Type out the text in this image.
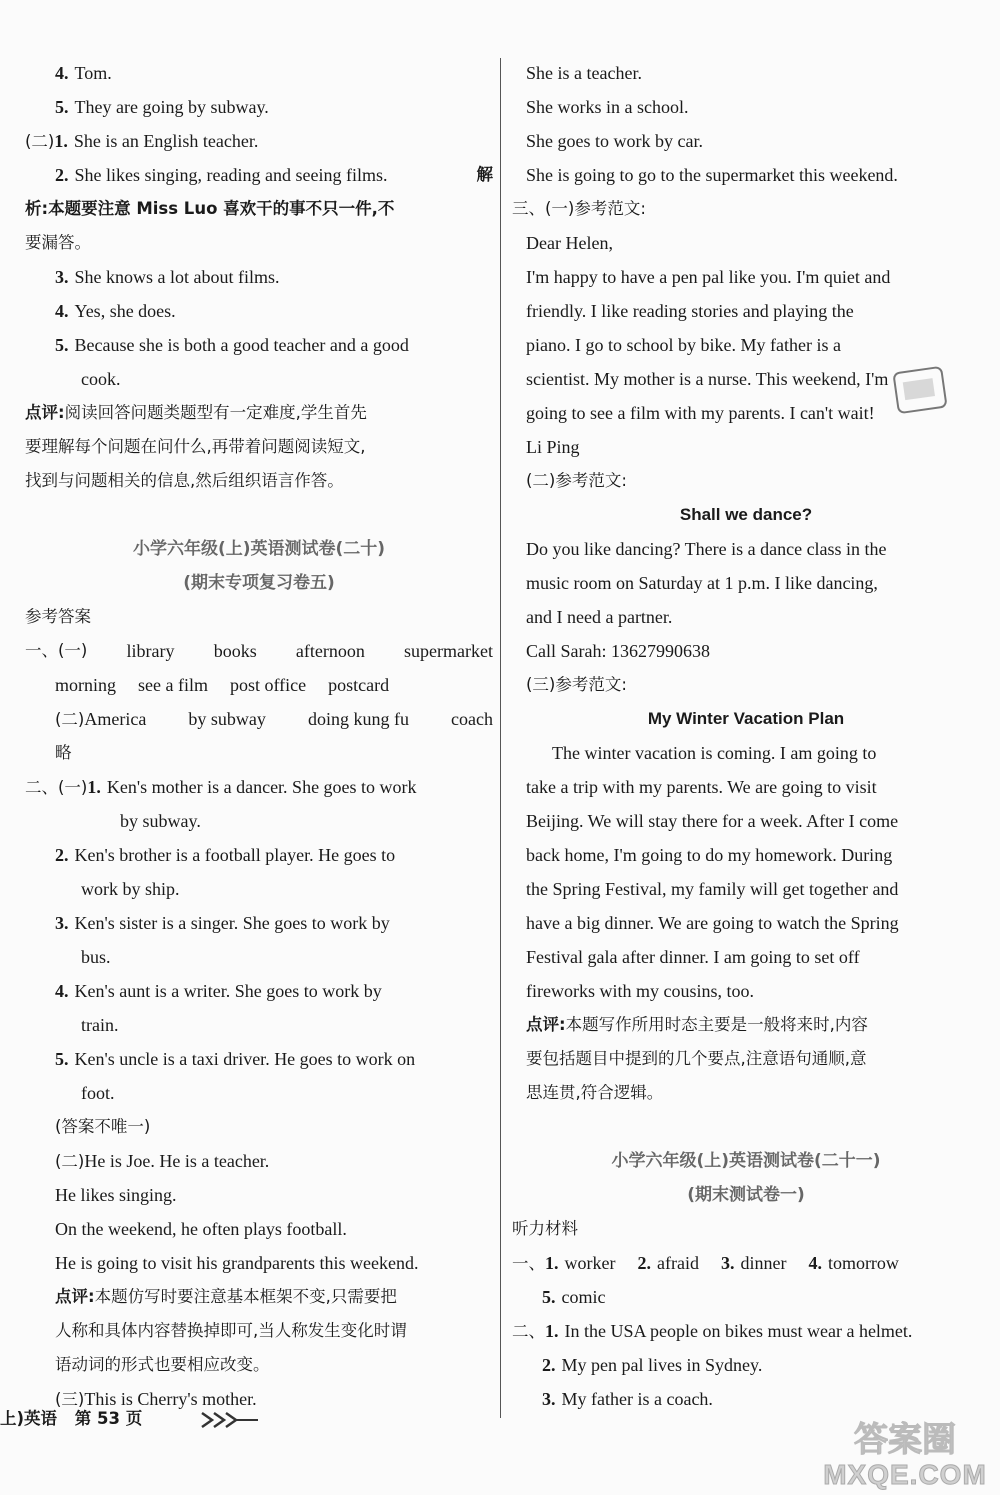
4. Tom.
5. They are going by subway.
(二)1. She is an English teacher.
2. She likes singing, reading and seeing films.	解
析:本题要注意 Miss Luo 喜欢干的事不只一件,不
要漏答。
3. She knows a lot about films.
4. Yes, she does.
5. Because she is both a good teacher and a good
cook.
点评:阅读回答问题类题型有一定难度,学生首先
要理解每个问题在问什么,再带着问题阅读短文,
找到与问题相关的信息,然后组织语言作答。
小学六年级(上)英语测试卷(二十)
(期末专项复习卷五)
参考答案
一、(一) library books afternoon supermarket
morning see a film post office postcard
(二)America by subway doing kung fu coach
略
二、(一)1. Ken's mother is a dancer. She goes to work
by subway.
2. Ken's brother is a football player. He goes to
work by ship.
3. Ken's sister is a singer. She goes to work by
bus.
4. Ken's aunt is a writer. She goes to work by
train.
5. Ken's uncle is a taxi driver. He goes to work on
foot.
(答案不唯一)
(二)He is Joe. He is a teacher.
He likes singing.
On the weekend, he often plays football.
He is going to visit his grandparents this weekend.
点评:本题仿写时要注意基本框架不变,只需要把
人称和具体内容替换掉即可,当人称发生变化时谓
语动词的形式也要相应改变。
(三)This is Cherry's mother.
She is a teacher.
She works in a school.
She goes to work by car.
She is going to go to the supermarket this weekend.
三、(一)参考范文:
Dear Helen,
I'm happy to have a pen pal like you. I'm quiet and
friendly. I like reading stories and playing the
piano. I go to school by bike. My father is a
scientist. My mother is a nurse. This weekend, I'm
going to see a film with my parents. I can't wait!
Li Ping
(二)参考范文:
Shall we dance?
Do you like dancing? There is a dance class in the
music room on Saturday at 1 p.m. I like dancing,
and I need a partner.
Call Sarah: 13627990638
(三)参考范文:
My Winter Vacation Plan
The winter vacation is coming. I am going to
take a trip with my parents. We are going to visit
Beijing. We will stay there for a week. After I come
back home, I'm going to do my homework. During
the Spring Festival, my family will get together and
have a big dinner. We are going to watch the Spring
Festival gala after dinner. I am going to set off
fireworks with my cousins, too.
点评:本题写作所用时态主要是一般将来时,内容
要包括题目中提到的几个要点,注意语句通顺,意
思连贯,符合逻辑。
小学六年级(上)英语测试卷(二十一)
(期末测试卷一)
听力材料
一、1. worker 2. afraid 3. dinner 4. tomorrow
5. comic
二、1. In the USA people on bikes must wear a helmet.
2. My pen pal lives in Sydney.
3. My father is a coach.
上)英语 第 53 页
答案圈
MXQE.COM
